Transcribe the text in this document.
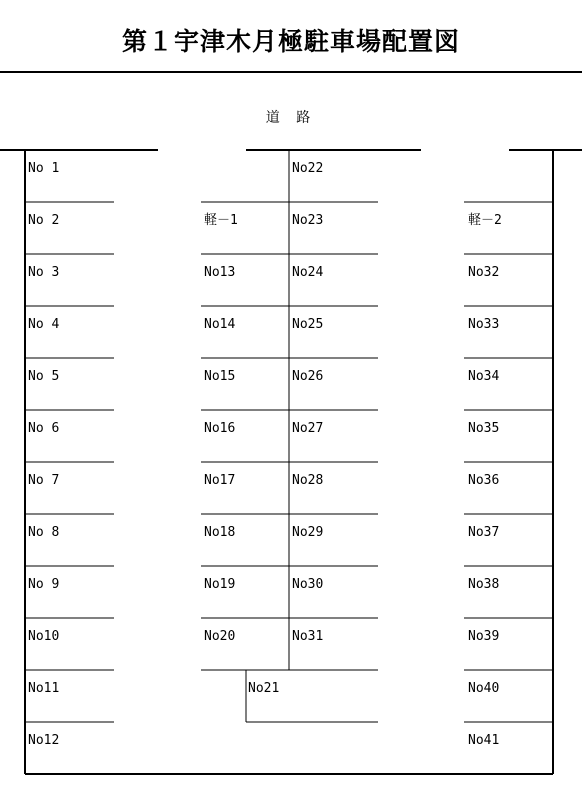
第１宇津木月極駐車場配置図
道 路
No 1
No 2
No 3
No 4
No 5
No 6
No 7
No 8
No 9
No10
No11
No12
軽－1
No13
No14
No15
No16
No17
No18
No19
No20
No22
No23
No24
No25
No26
No27
No28
No29
No30
No31
No21
軽－2
No32
No33
No34
No35
No36
No37
No38
No39
No40
No41
